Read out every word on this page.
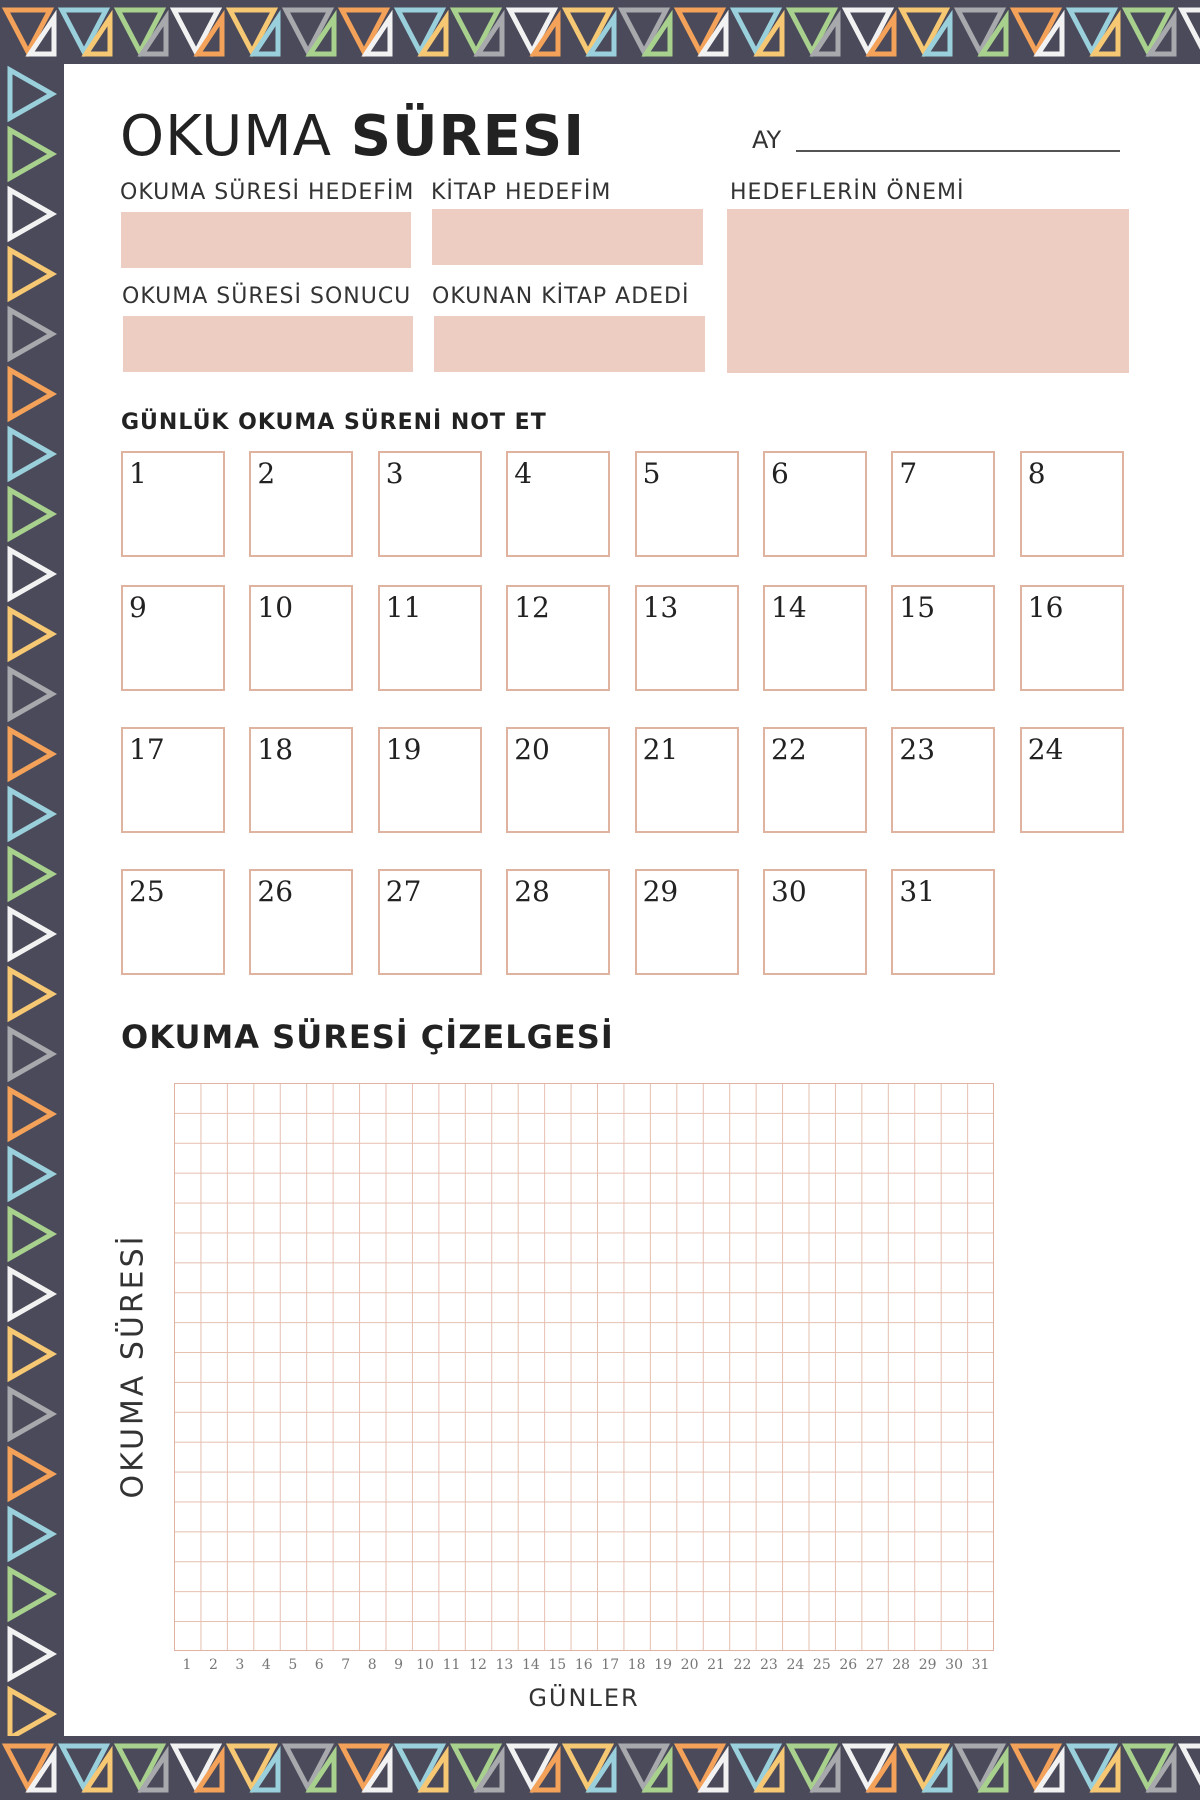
OKUMA SÜRESI	AY
OKUMA SÜRESİ HEDEFİM KİTAP HEDEFİM	HEDEFLERİN ÖNEMİ
OKUMA SÜRESİ SONUCU OKUNAN KİTAP ADEDİ
GÜNLÜK OKUMA SÜRENİ NOT ET
1	2	3	4	5	6	7	8
9	10	11	12	13	14	15	16
17	18	19	20	21	22	23	24
25	26	27	28	29	30	31
OKUMA SÜRESİ ÇİZELGESİ
OKUMA SÜRESİ
1	2	3	4	5	6	7	8	9 10 11 12 13 14 15 16 17 18 19 20 21 22 23 24 25 26 27 28 29 30 31
GÜNLER
